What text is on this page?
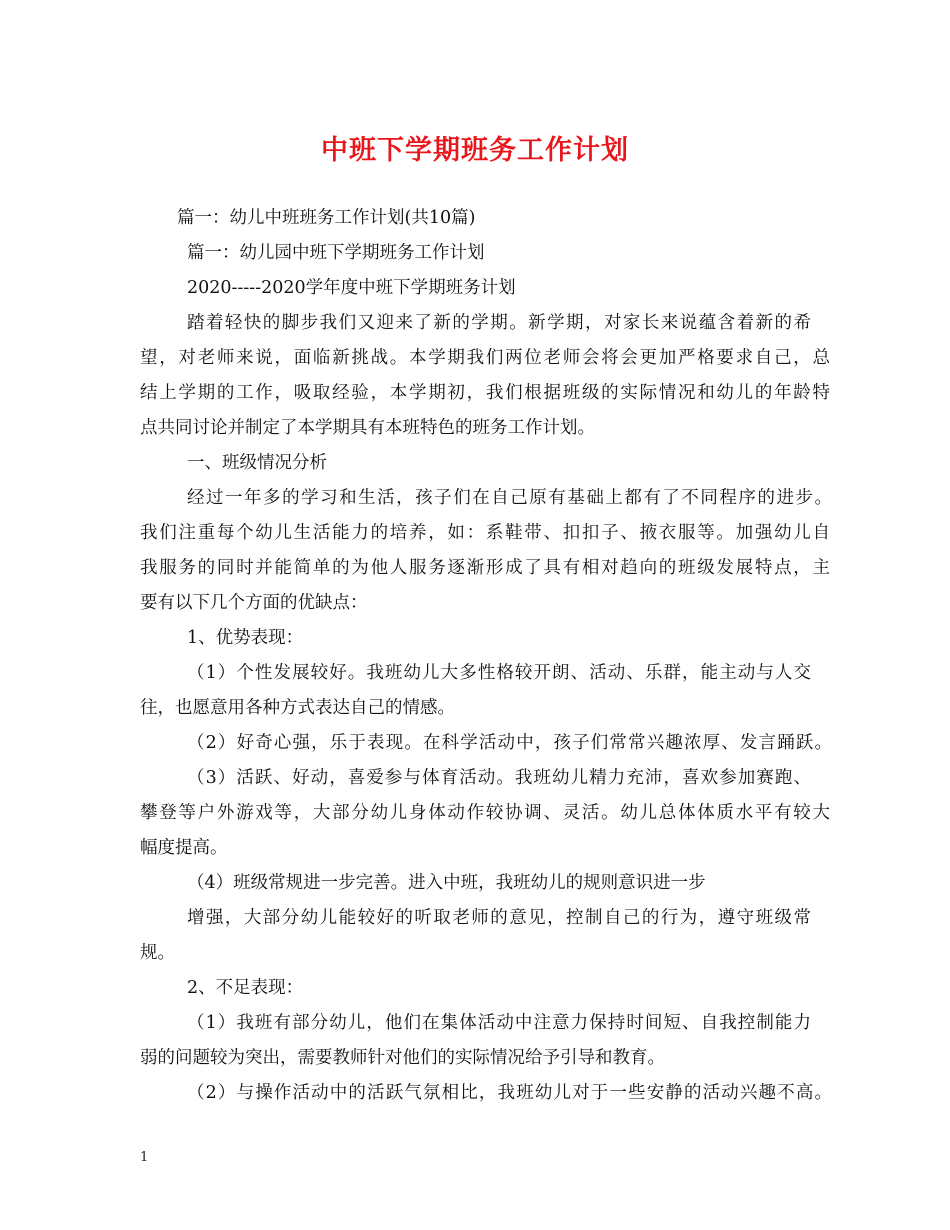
中班下学期班务工作计划
篇一：幼儿中班班务工作计划(共10篇)
篇一：幼儿园中班下学期班务工作计划
2020-----2020学年度中班下学期班务计划
踏着轻快的脚步我们又迎来了新的学期。新学期，对家长来说蕴含着新的希
望，对老师来说，面临新挑战。本学期我们两位老师会将会更加严格要求自己，总
结上学期的工作，吸取经验，本学期初，我们根据班级的实际情况和幼儿的年龄特
点共同讨论并制定了本学期具有本班特色的班务工作计划。
一、班级情况分析
经过一年多的学习和生活，孩子们在自己原有基础上都有了不同程序的进步。
我们注重每个幼儿生活能力的培养，如：系鞋带、扣扣子、掖衣服等。加强幼儿自
我服务的同时并能简单的为他人服务逐渐形成了具有相对趋向的班级发展特点，主
要有以下几个方面的优缺点：
1、优势表现：
（1）个性发展较好。我班幼儿大多性格较开朗、活动、乐群，能主动与人交
往，也愿意用各种方式表达自己的情感。
（2）好奇心强，乐于表现。在科学活动中，孩子们常常兴趣浓厚、发言踊跃。
（3）活跃、好动，喜爱参与体育活动。我班幼儿精力充沛，喜欢参加赛跑、
攀登等户外游戏等，大部分幼儿身体动作较协调、灵活。幼儿总体体质水平有较大
幅度提高。
（4）班级常规进一步完善。进入中班，我班幼儿的规则意识进一步
增强，大部分幼儿能较好的听取老师的意见，控制自己的行为，遵守班级常
规。
2、不足表现：
（1）我班有部分幼儿，他们在集体活动中注意力保持时间短、自我控制能力
弱的问题较为突出，需要教师针对他们的实际情况给予引导和教育。
（2）与操作活动中的活跃气氛相比，我班幼儿对于一些安静的活动兴趣不高。
1
